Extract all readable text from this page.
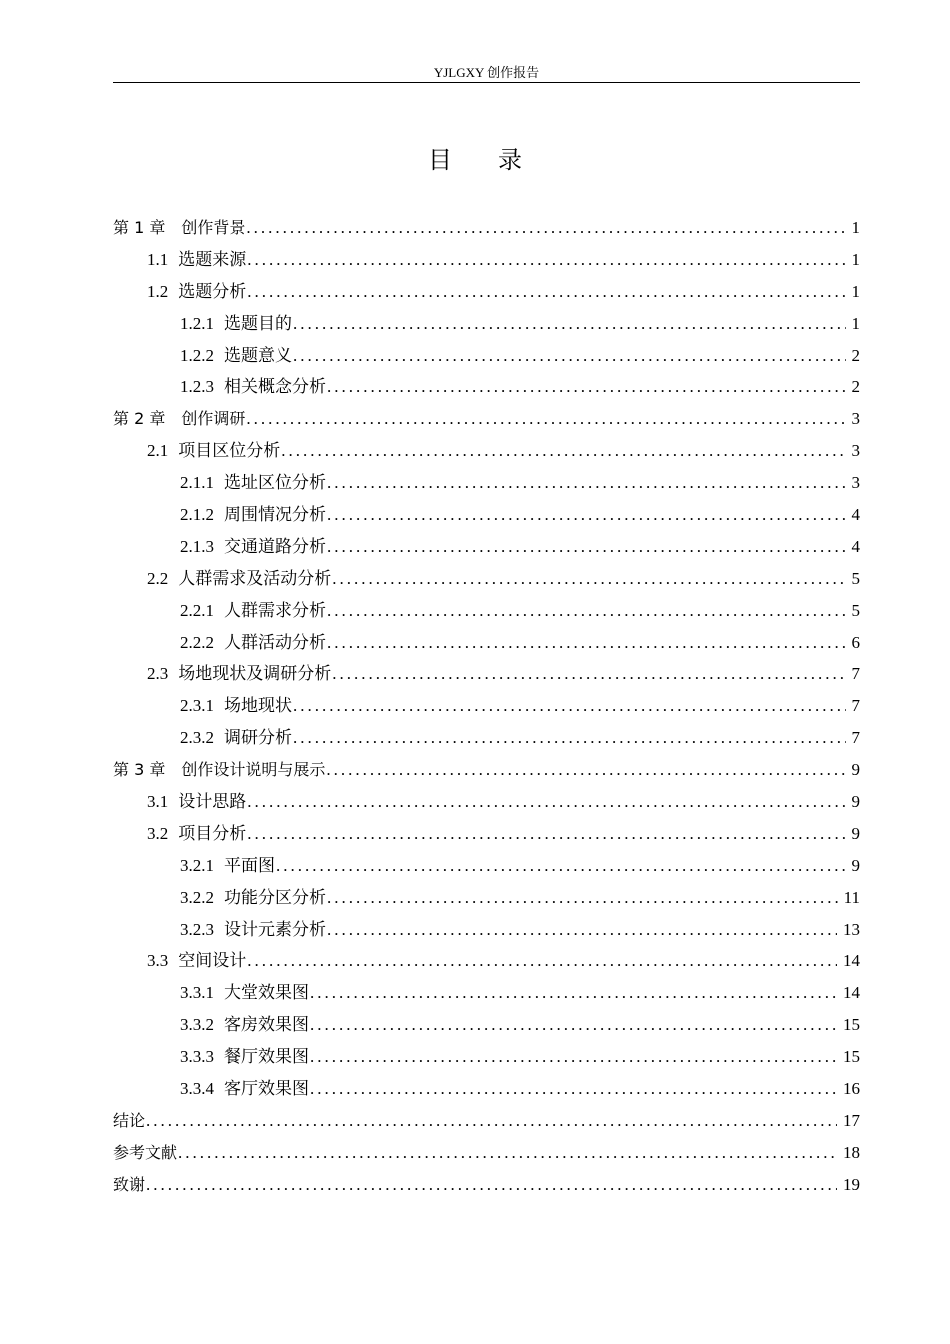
YJLGXY 创作报告
目 录
第 1 章 创作背景 .....	1
1.1 选题来源 .....	1
1.2 选题分析 .....	1
1.2.1 选题目的 .....	1
1.2.2 选题意义 .....	2
1.2.3 相关概念分析 .....	2
第 2 章 创作调研 .....	3
2.1 项目区位分析 .....	3
2.1.1 选址区位分析 .....	3
2.1.2 周围情况分析 .....	4
2.1.3 交通道路分析 .....	4
2.2 人群需求及活动分析 .....	5
2.2.1 人群需求分析 .....	5
2.2.2 人群活动分析 .....	6
2.3 场地现状及调研分析 .....	7
2.3.1 场地现状 .....	7
2.3.2 调研分析 .....	7
第 3 章 创作设计说明与展示 .....	9
3.1 设计思路 .....	9
3.2 项目分析 .....	9
3.2.1 平面图 .....	9
3.2.2 功能分区分析 .....	11
3.2.3 设计元素分析 .....	13
3.3 空间设计 .....	14
3.3.1 大堂效果图 .....	14
3.3.2 客房效果图 .....	15
3.3.3 餐厅效果图 .....	15
3.3.4 客厅效果图 .....	16
结论 .....	17
参考文献 .....	18
致谢 .....	19
